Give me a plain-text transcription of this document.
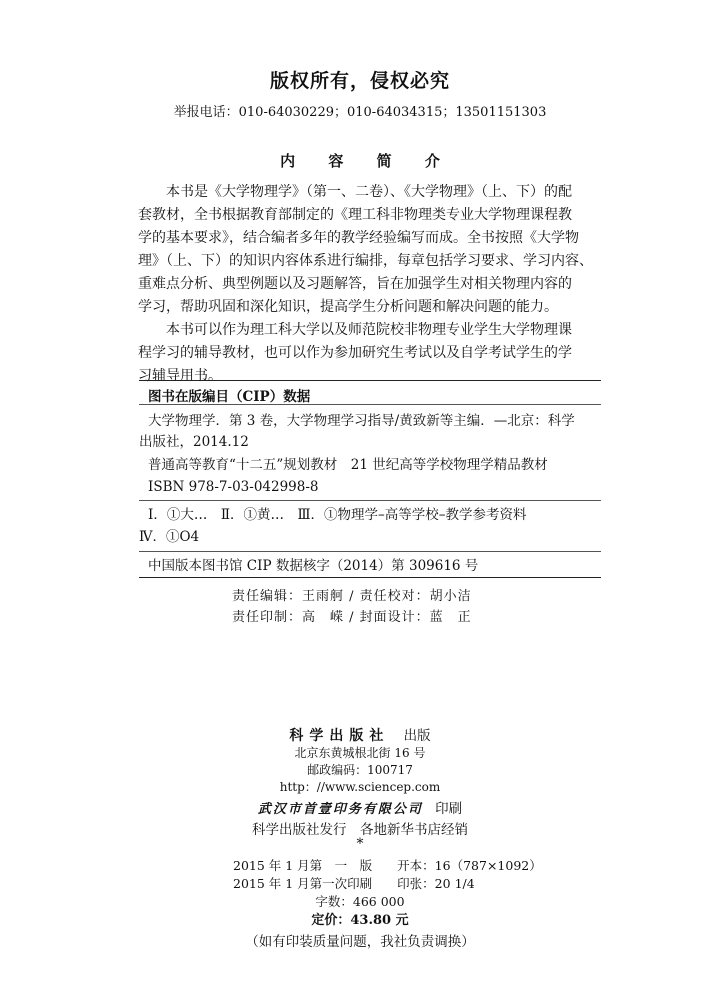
版权所有，侵权必究
举报电话：010-64030229；010-64034315；13501151303
内 容 简 介
本书是《大学物理学》（第一、二卷）、《大学物理》（上、下）的配
套教材，全书根据教育部制定的《理工科非物理类专业大学物理课程教
学的基本要求》，结合编者多年的教学经验编写而成。全书按照《大学物
理》（上、下）的知识内容体系进行编排，每章包括学习要求、学习内容、
重难点分析、典型例题以及习题解答，旨在加强学生对相关物理内容的
学习，帮助巩固和深化知识，提高学生分析问题和解决问题的能力。
本书可以作为理工科大学以及师范院校非物理专业学生大学物理课
程学习的辅导教材，也可以作为参加研究生考试以及自学考试学生的学
习辅导用书。
图书在版编目（CIP）数据
大学物理学．第 3 卷，大学物理学习指导/黄致新等主编．—北京：科学
出版社，2014.12
普通高等教育“十二五”规划教材　21 世纪高等学校物理学精品教材
ISBN 978-7-03-042998-8
Ⅰ．①大…　Ⅱ．①黄…　Ⅲ．①物理学–高等学校–教学参考资料
Ⅳ．①O4
中国版本图书馆 CIP 数据核字（2014）第 309616 号
责任编辑：王雨舸 / 责任校对：胡小洁
责任印制：高　嵘 / 封面设计：蓝　正
科学出版社 出版
北京东黄城根北街 16 号
邮政编码：100717
http：//www.sciencep.com
武汉市首壹印务有限公司 印刷
科学出版社发行　各地新华书店经销
*
2015 年 1 月第　一　版　　开本：16（787×1092）
2015 年 1 月第一次印刷　　印张：20 1/4
字数：466 000
定价：43.80 元
（如有印装质量问题，我社负责调换）
